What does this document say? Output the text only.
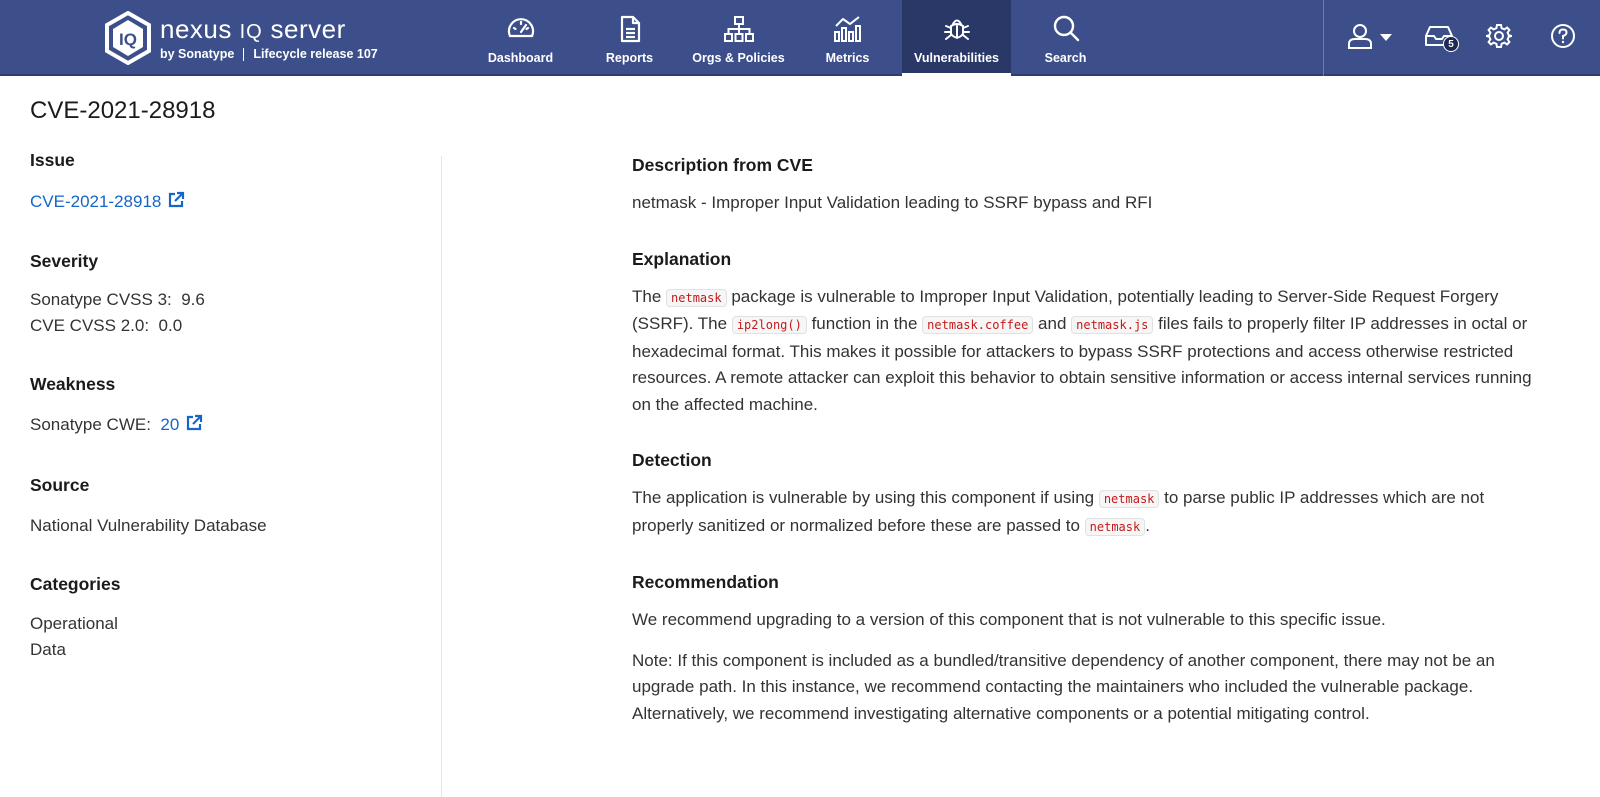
IQ nexus IQ server
by Sonatype Lifecycle release 107	Dashboard	Reports	Orgs & Policies	Metrics	Vulnerabilities	Search
5
CVE-2021-28918
Issue
CVE-2021-28918
Severity
Sonatype CVSS 3: 9.6
CVE CVSS 2.0: 0.0
Weakness
Sonatype CWE: 20
Source
National Vulnerability Database
Categories
Operational
Data
Description from CVE
netmask - Improper Input Validation leading to SSRF bypass and RFI
Explanation
The netmask package is vulnerable to Improper Input Validation, potentially leading to Server-Side Request Forgery (SSRF). The ip2long() function in the netmask.coffee and netmask.js files fails to properly filter IP addresses in octal or hexadecimal format. This makes it possible for attackers to bypass SSRF protections and access otherwise restricted resources. A remote attacker can exploit this behavior to obtain sensitive information or access internal services running on the affected machine.
Detection
The application is vulnerable by using this component if using netmask to parse public IP addresses which are not properly sanitized or normalized before these are passed to netmask .
Recommendation
We recommend upgrading to a version of this component that is not vulnerable to this specific issue.
Note: If this component is included as a bundled/transitive dependency of another component, there may not be an upgrade path. In this instance, we recommend contacting the maintainers who included the vulnerable package. Alternatively, we recommend investigating alternative components or a potential mitigating control.
